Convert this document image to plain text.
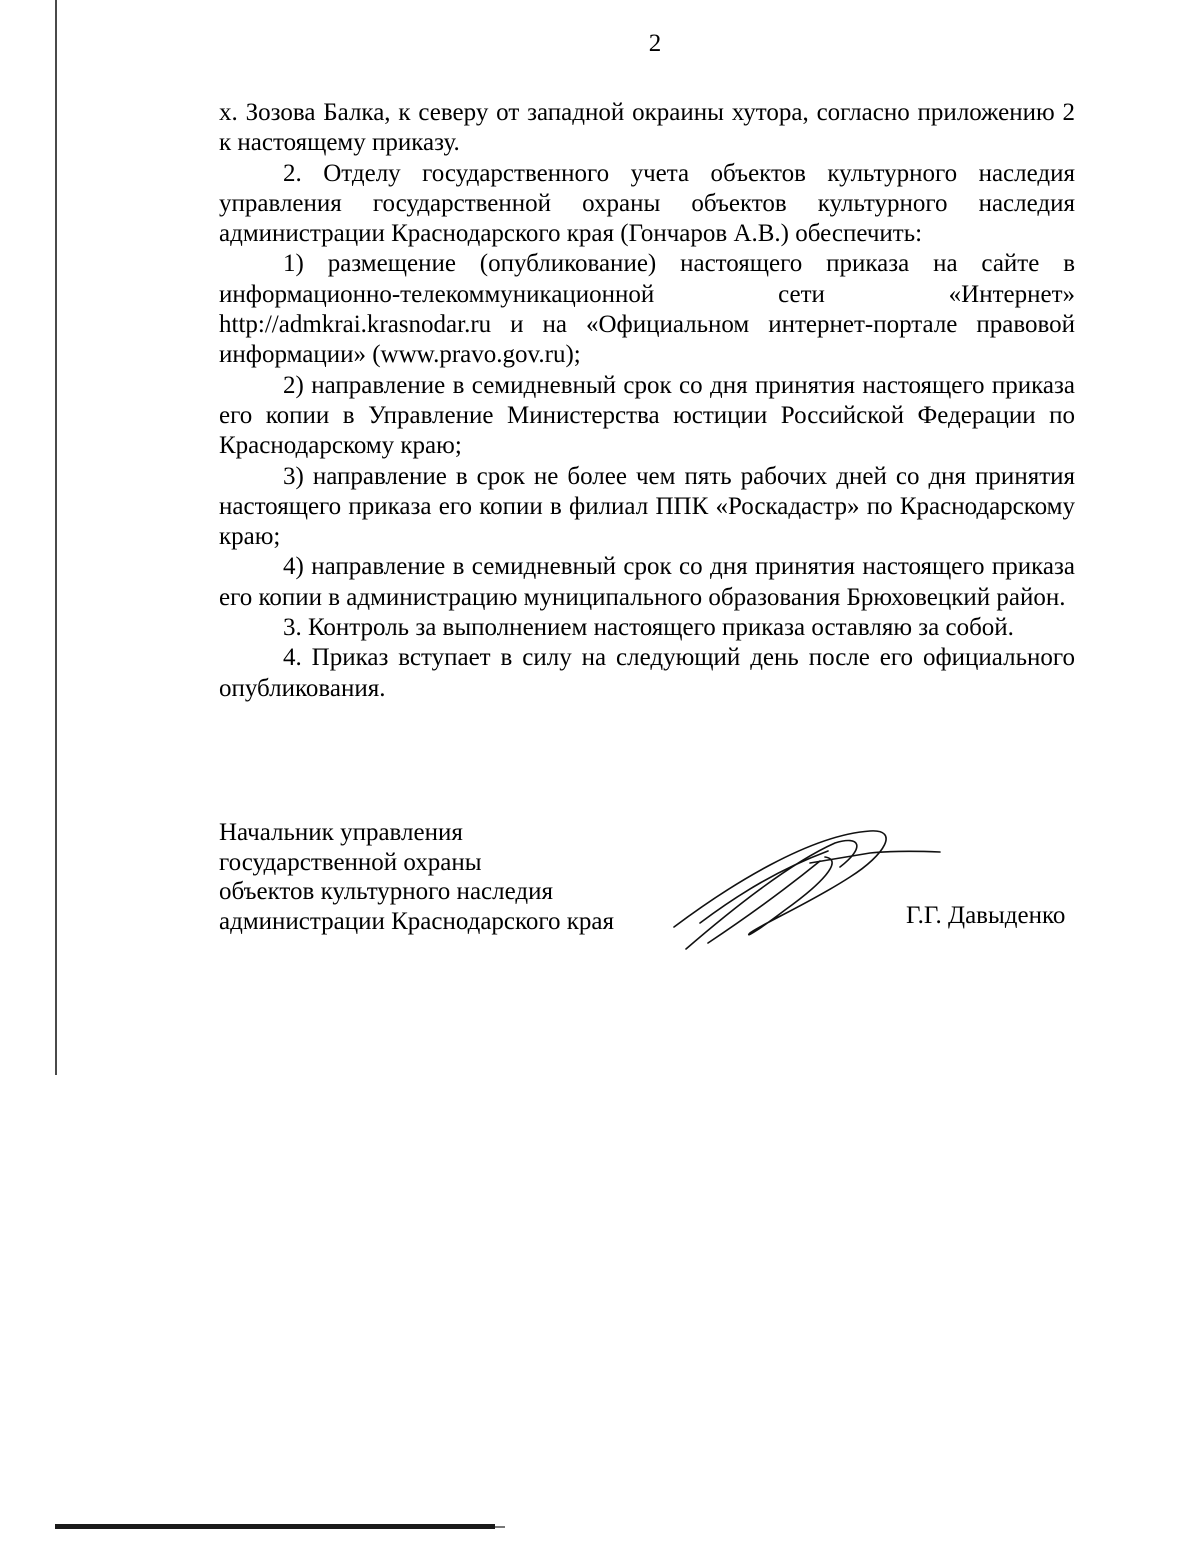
2

х. Зозова Балка, к северу от западной окраины хутора, согласно приложению 2 к настоящему приказу.

2. Отделу государственного учета объектов культурного наследия управления государственной охраны объектов культурного наследия администрации Краснодарского края (Гончаров А.В.) обеспечить:

1) размещение (опубликование) настоящего приказа на сайте в

информационно-телекоммуникационной	сети	«Интернет»

http://admkrai.krasnodar.ru и на «Официальном интернет-портале правовой информации» (www.pravo.gov.ru);

2) направление в семидневный срок со дня принятия настоящего приказа его копии в Управление Министерства юстиции Российской Федерации по Краснодарскому краю;

3) направление в срок не более чем пять рабочих дней со дня принятия настоящего приказа его копии в филиал ППК «Роскадастр» по Краснодарскому краю;

4) направление в семидневный срок со дня принятия настоящего приказа его копии в администрацию муниципального образования Брюховецкий район.

3. Контроль за выполнением настоящего приказа оставляю за собой.

4. Приказ вступает в силу на следующий день после его официального опубликования.

Начальник управления
государственной охраны
объектов культурного наследия
администрации Краснодарского края	Г.Г. Давыденко
